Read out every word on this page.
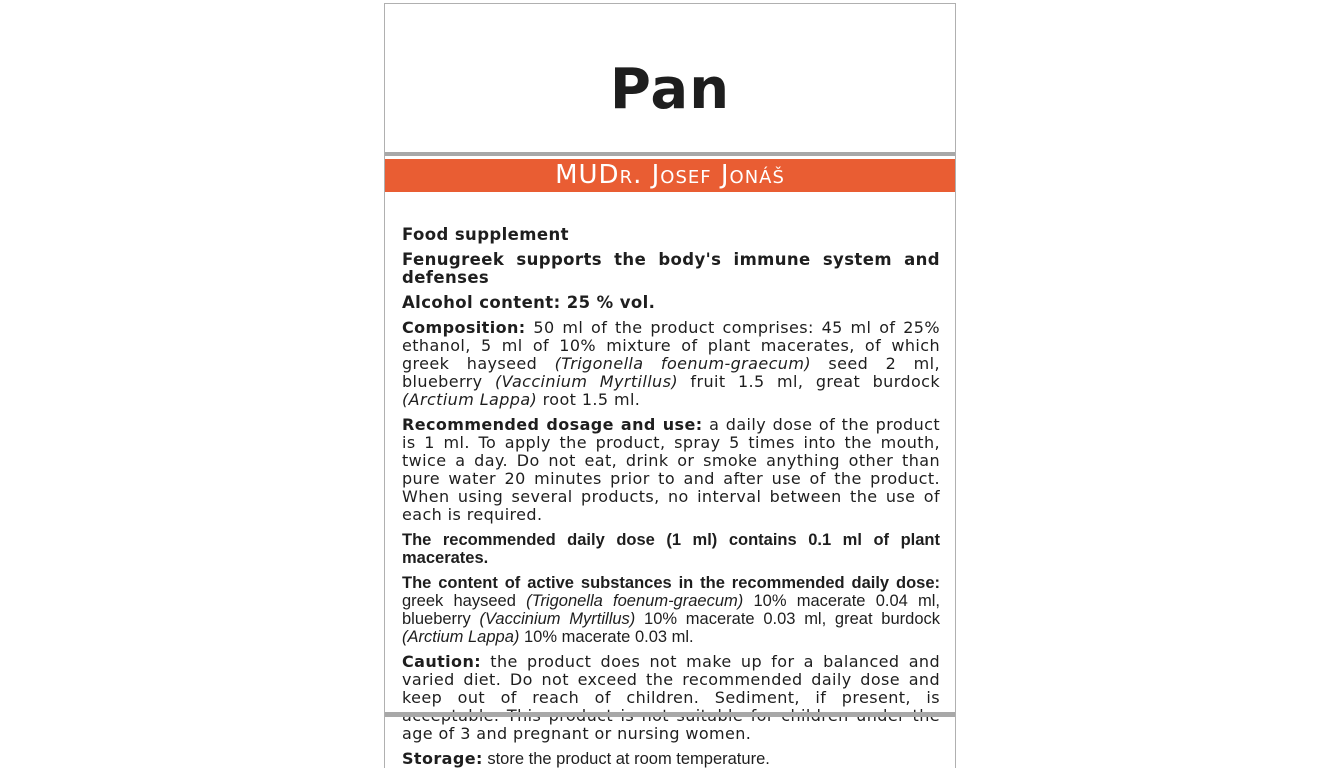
Pan
MUDr. Josef Jonáš

Food supplement

Fenugreek supports the body's immune system and defenses

Alcohol content: 25 % vol.

Composition: 50 ml of the product comprises: 45 ml of 25% ethanol, 5 ml of 10% mixture of plant macerates, of which greek hayseed (Trigonella foenum-graecum) seed 2 ml, blueberry (Vaccinium Myrtillus) fruit 1.5 ml, great burdock (Arctium Lappa) root 1.5 ml.

Recommended dosage and use: a daily dose of the product is 1 ml. To apply the product, spray 5 times into the mouth, twice a day. Do not eat, drink or smoke anything other than pure water 20 minutes prior to and after use of the product. When using several products, no interval between the use of each is required.

The recommended daily dose (1 ml) contains 0.1 ml of plant macerates.

The content of active substances in the recommended daily dose: greek hayseed (Trigonella foenum-graecum) 10% macerate 0.04 ml, blueberry (Vaccinium Myrtillus) 10% macerate 0.03 ml, great burdock (Arctium Lappa) 10% macerate 0.03 ml.

Caution: the product does not make up for a balanced and varied diet. Do not exceed the recommended daily dose and keep out of reach of children. Sediment, if present, is age of 3 and pregnant or nursing women.

Storage: store the product at room temperature.
